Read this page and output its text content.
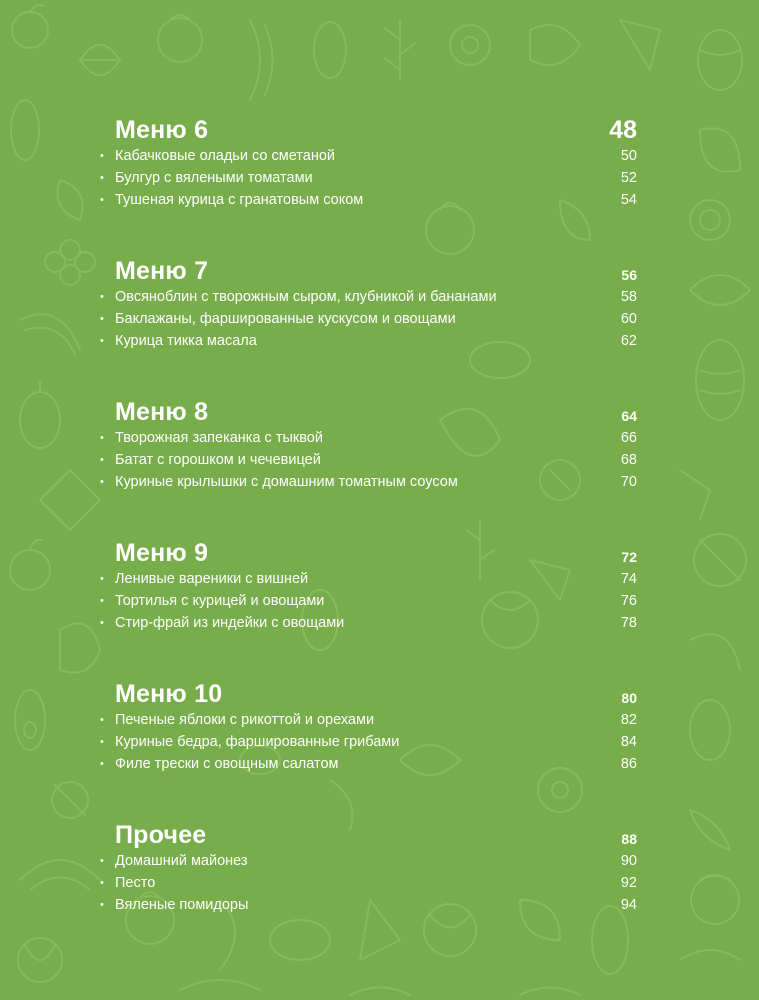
Меню 6	48
• Кабачковые оладьи со сметаной	50
• Булгур с вялеными томатами	52
• Тушеная курица с гранатовым соком	54
Меню 7	56
• Овсяноблин с творожным сыром, клубникой и бананами	58
• Баклажаны, фаршированные кускусом и овощами	60
• Курица тикка масала	62
Меню 8	64
• Творожная запеканка с тыквой	66
• Батат с горошком и чечевицей	68
• Куриные крылышки с домашним томатным соусом	70
Меню 9	72
• Ленивые вареники с вишней	74
• Тортилья с курицей и овощами	76
• Стир-фрай из индейки с овощами	78
Меню 10	80
• Печеные яблоки с рикоттой и орехами	82
• Куриные бедра, фаршированные грибами	84
• Филе трески с овощным салатом	86
Прочее	88
• Домашний майонез	90
• Песто	92
• Вяленые помидоры	94
